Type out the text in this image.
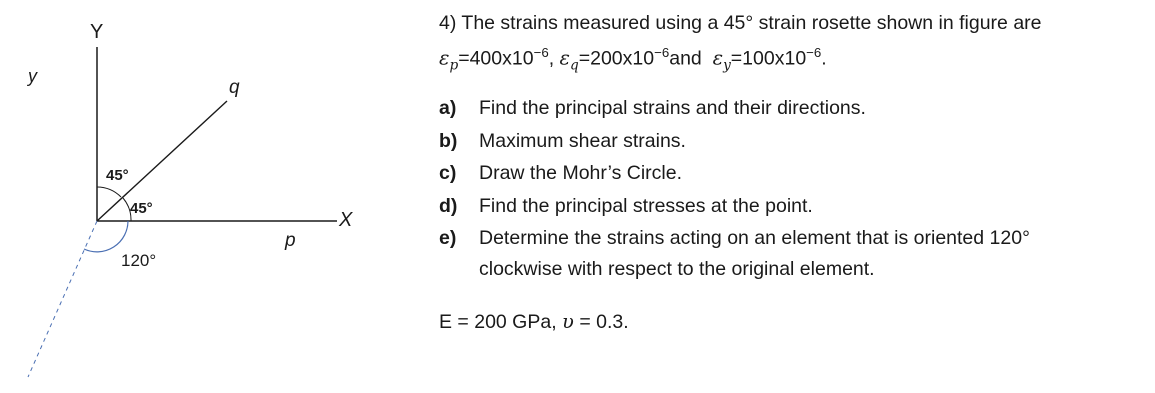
Y
y
q
45°
45°
X
p
120°
4) The strains measured using a 45° strain rosette shown in figure are
$\varepsilon_p=400x10^{-6}$, $\varepsilon_q=200x10^{-6}and$ $\varepsilon_y=100x10^{-6}$.
a) Find the principal strains and their directions.
b) Maximum shear strains.
c) Draw the Mohr’s Circle.
d) Find the principal stresses at the point.
e) Determine the strains acting on an element that is oriented 120°
clockwise with respect to the original element.
E = 200 GPa, υ = 0.3.
